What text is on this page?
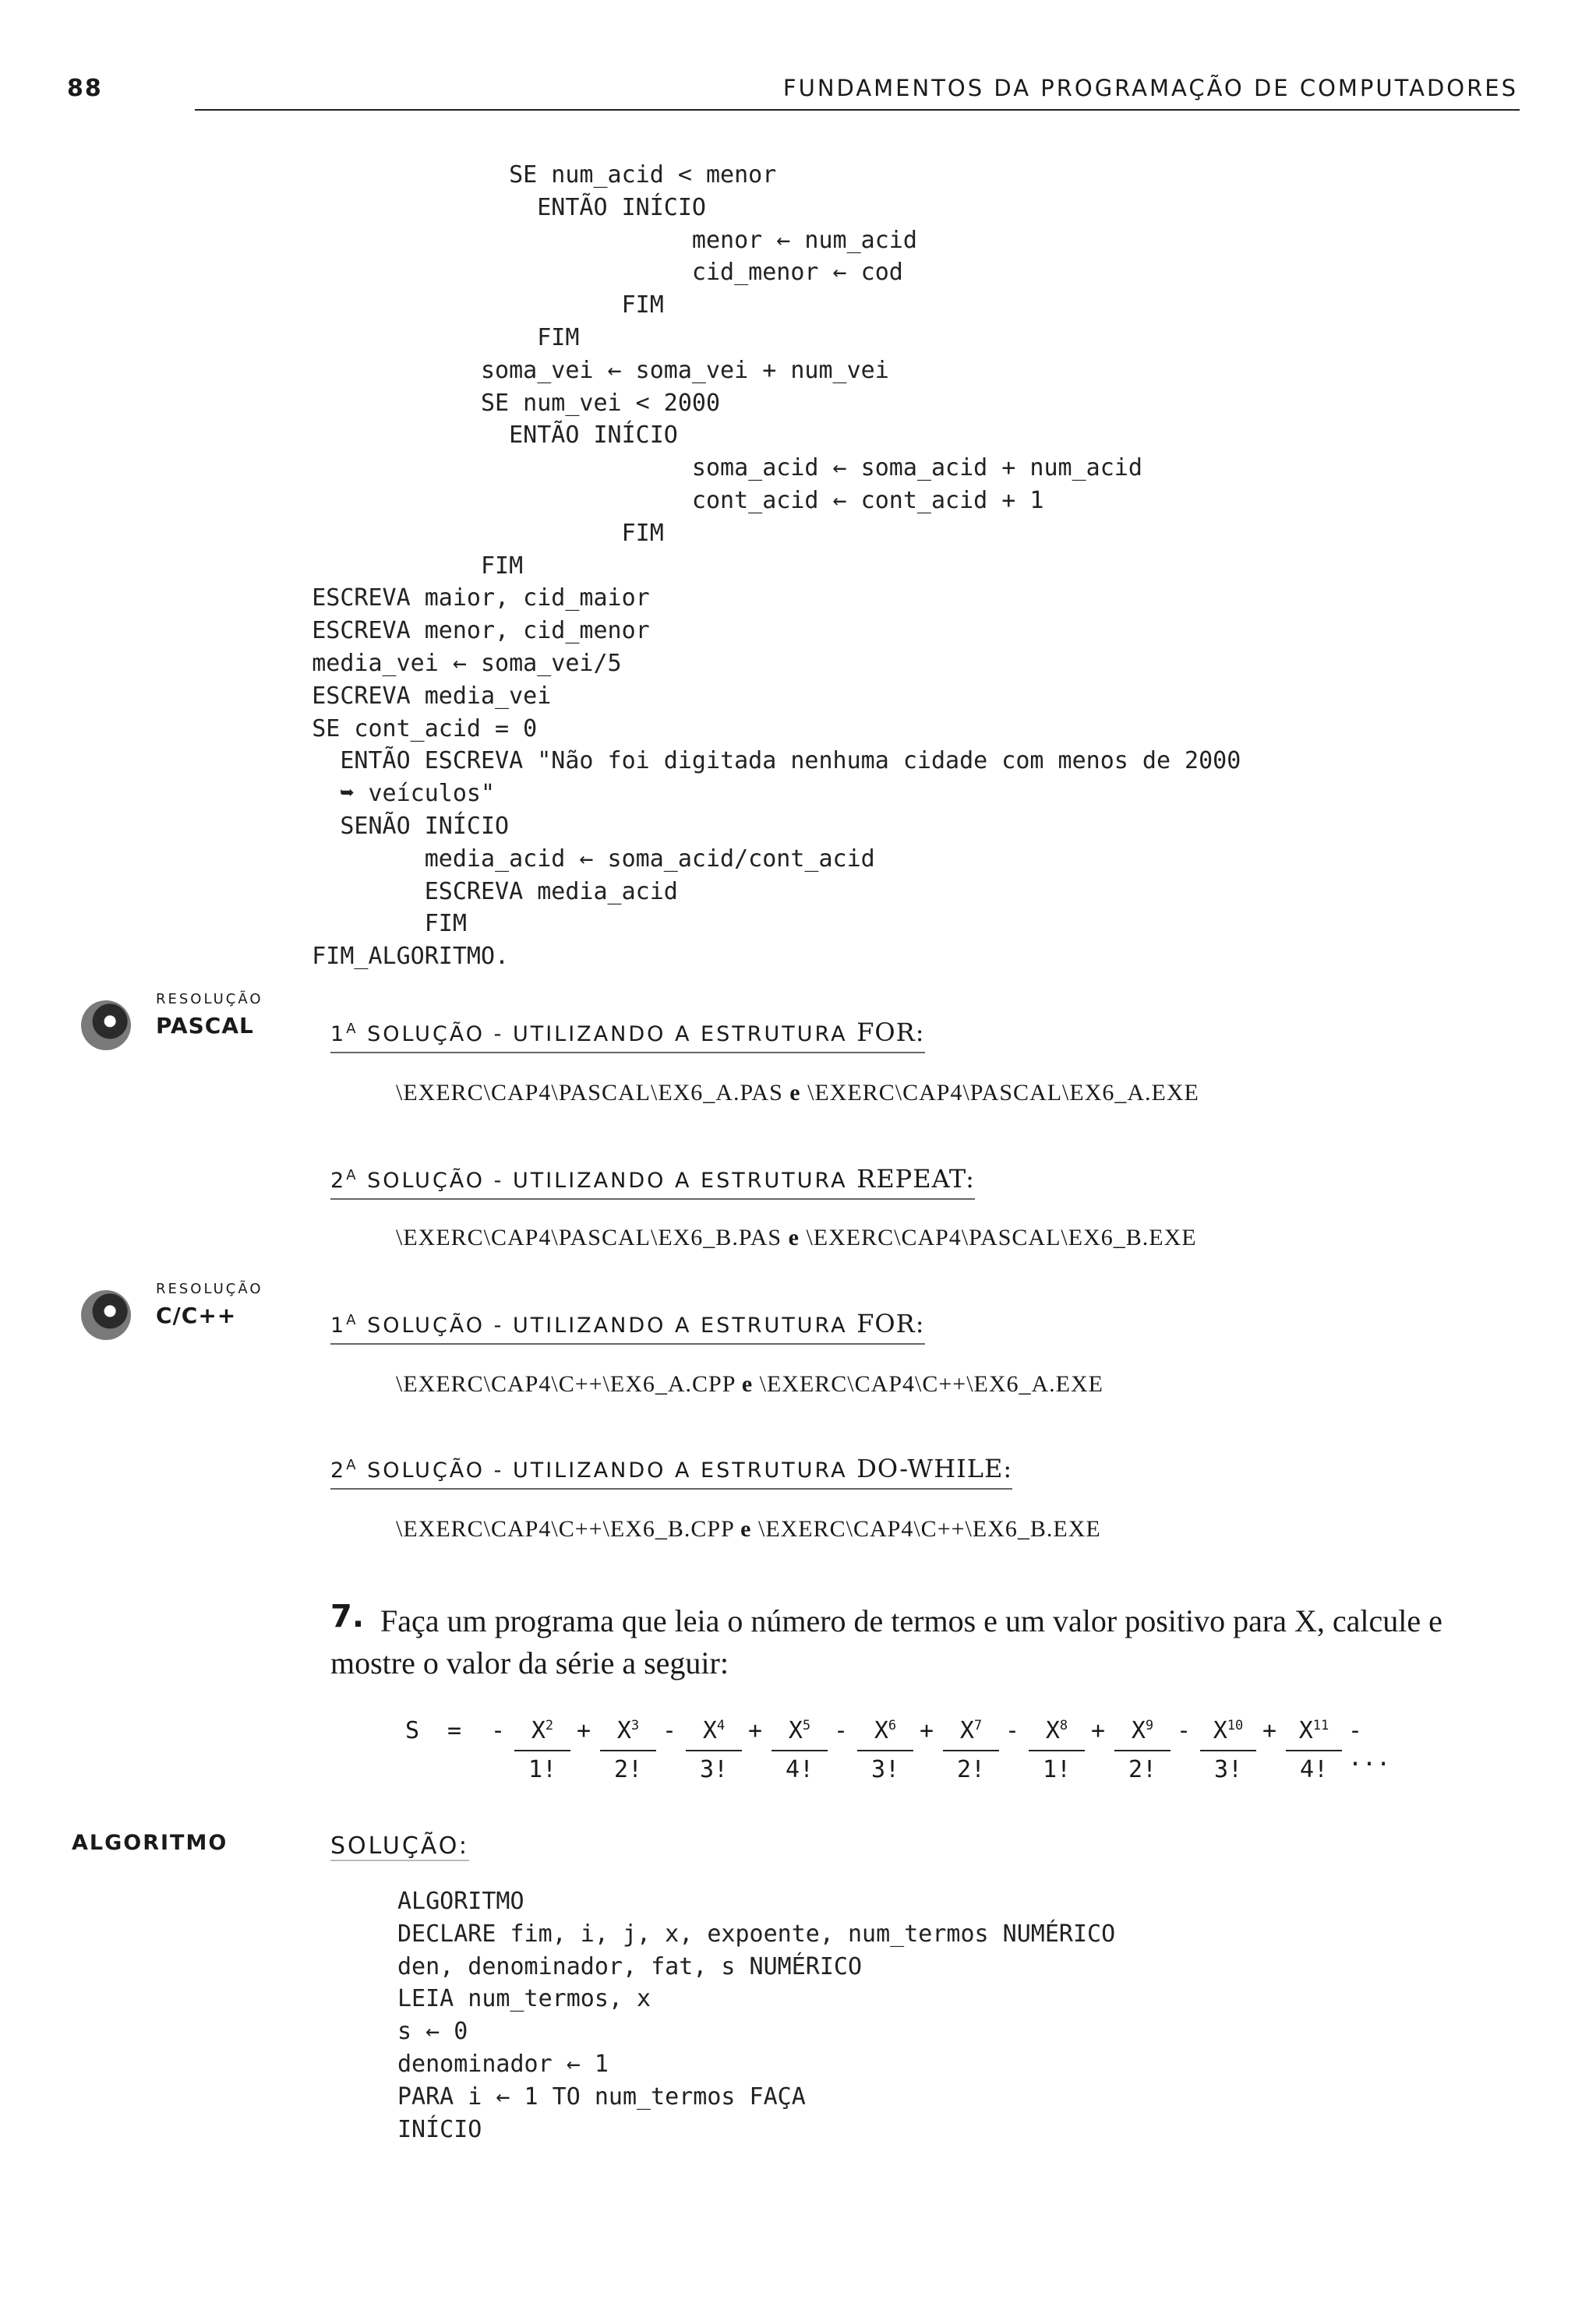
88	FUNDAMENTOS DA PROGRAMAÇÃO DE COMPUTADORES
SE num_acid < menor
ENTÃO INÍCIO
menor ← num_acid
cid_menor ← cod
FIM
FIM
soma_vei ← soma_vei + num_vei
SE num_vei < 2000
ENTÃO INÍCIO
soma_acid ← soma_acid + num_acid
cont_acid ← cont_acid + 1
FIM
FIM
ESCREVA maior, cid_maior
ESCREVA menor, cid_menor
media_vei ← soma_vei/5
ESCREVA media_vei
SE cont_acid = 0
ENTÃO ESCREVA "Não foi digitada nenhuma cidade com menos de 2000
➥ veículos"
SENÃO INÍCIO
media_acid ← soma_acid/cont_acid
ESCREVA media_acid
FIM
FIM_ALGORITMO.
RESOLUÇÃO
PASCAL	$1^A$ SOLUÇÃO - UTILIZANDO A ESTRUTURA FOR:
\EXERC\CAP4\PASCAL\EX6_A.PAS e \EXERC\CAP4\PASCAL\EX6_A.EXE
$2^A$ SOLUÇÃO - UTILIZANDO A ESTRUTURA REPEAT:
\EXERC\CAP4\PASCAL\EX6_B.PAS e \EXERC\CAP4\PASCAL\EX6_B.EXE
RESOLUÇÃO
C/C++	$1^A$ SOLUÇÃO - UTILIZANDO A ESTRUTURA FOR:
\EXERC\CAP4\C++\EX6_A.CPP e \EXERC\CAP4\C++\EX6_A.EXE
$2^A$ SOLUÇÃO - UTILIZANDO A ESTRUTURA DO-WHILE:
\EXERC\CAP4\C++\EX6_B.CPP e \EXERC\CAP4\C++\EX6_B.EXE
7. Faça um programa que leia o número de termos e um valor positivo para X, calcule e mostre o valor da série a seguir:
S = - $\frac{X^2}{1!} + \frac{X^3}{2!} - \frac{X^4}{3!} + \frac{X^5}{4!} - \frac{X^6}{3!} + \frac{X^7}{2!} - \frac{X^8}{1!} + \frac{X^9}{2!} - \frac{X^{10}}{3!} + \frac{X^{11}}{4!}$ - ...
ALGORITMO	SOLUÇÃO:
ALGORITMO
DECLARE fim, i, j, x, expoente, num_termos NUMÉRICO
den, denominador, fat, s NUMÉRICO
LEIA num_termos, x
s ← 0
denominador ← 1
PARA i ← 1 TO num_termos FAÇA
INÍCIO
